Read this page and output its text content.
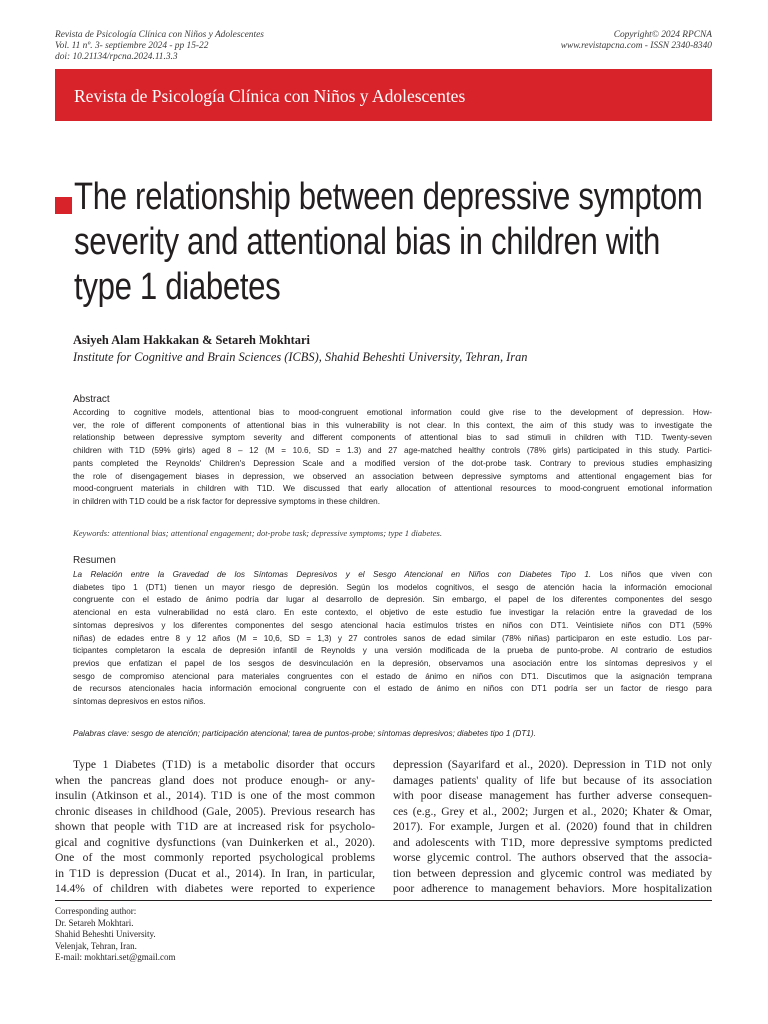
Revista de Psicología Clínica con Niños y Adolescentes
Vol. 11 nº. 3- septiembre 2024 - pp 15-22
doi: 10.21134/rpcna.2024.11.3.3
Copyright© 2024 RPCNA
www.revistapcna.com - ISSN 2340-8340
Revista de Psicología Clínica con Niños y Adolescentes
The relationship between depressive symptom
severity and attentional bias in children with
type 1 diabetes
Asiyeh Alam Hakkakan & Setareh Mokhtari
Institute for Cognitive and Brain Sciences (ICBS), Shahid Beheshti University, Tehran, Iran
Abstract
According to cognitive models, attentional bias to mood-congruent emotional information could give rise to the development of depression. How-
ver, the role of different components of attentional bias in this vulnerability is not clear. In this context, the aim of this study was to investigate the
relationship between depressive symptom severity and different components of attentional bias to sad stimuli in children with T1D. Twenty-seven
children with T1D (59% girls) aged 8 – 12 (M = 10.6, SD = 1.3) and 27 age-matched healthy controls (78% girls) participated in this study. Partici-
pants completed the Reynolds' Children's Depression Scale and a modified version of the dot-probe task. Contrary to previous studies emphasizing
the role of disengagement biases in depression, we observed an association between depressive symptoms and attentional engagement bias for
mood-congruent materials in children with T1D. We discussed that early allocation of attentional resources to mood-congruent emotional information
in children with T1D could be a risk factor for depressive symptoms in these children.
Keywords: attentional bias; attentional engagement; dot-probe task; depressive symptoms; type 1 diabetes.
Resumen
La Relación entre la Gravedad de los Síntomas Depresivos y el Sesgo Atencional en Niños con Diabetes Tipo 1. Los niños que viven con
diabetes tipo 1 (DT1) tienen un mayor riesgo de depresión. Según los modelos cognitivos, el sesgo de atención hacia la información emocional
congruente con el estado de ánimo podría dar lugar al desarrollo de depresión. Sin embargo, el papel de los diferentes componentes del sesgo
atencional en esta vulnerabilidad no está claro. En este contexto, el objetivo de este estudio fue investigar la relación entre la gravedad de los
síntomas depresivos y los diferentes componentes del sesgo atencional hacia estímulos tristes en niños con DT1. Veintisiete niños con DT1 (59%
niñas) de edades entre 8 y 12 años (M = 10,6, SD = 1,3) y 27 controles sanos de edad similar (78% niñas) participaron en este estudio. Los par-
ticipantes completaron la escala de depresión infantil de Reynolds y una versión modificada de la prueba de punto-probe. Al contrario de estudios
previos que enfatizan el papel de los sesgos de desvinculación en la depresión, observamos una asociación entre los síntomas depresivos y el
sesgo de compromiso atencional para materiales congruentes con el estado de ánimo en niños con DT1. Discutimos que la asignación temprana
de recursos atencionales hacia información emocional congruente con el estado de ánimo en niños con DT1 podría ser un factor de riesgo para
síntomas depresivos en estos niños.
Palabras clave: sesgo de atención; participación atencional; tarea de puntos-probe; síntomas depresivos; diabetes tipo 1 (DT1).
Type 1 Diabetes (T1D) is a metabolic disorder that occurs
when the pancreas gland does not produce enough- or any-
insulin (Atkinson et al., 2014). T1D is one of the most common
chronic diseases in childhood (Gale, 2005). Previous research has
shown that people with T1D are at increased risk for psycholo-
gical and cognitive dysfunctions (van Duinkerken et al., 2020).
One of the most commonly reported psychological problems
in T1D is depression (Ducat et al., 2014). In Iran, in particular,
14.4% of children with diabetes were reported to experience
depression (Sayarifard et al., 2020). Depression in T1D not only
damages patients' quality of life but because of its association
with poor disease management has further adverse consequen-
ces (e.g., Grey et al., 2002; Jurgen et al., 2020; Khater & Omar,
2017). For example, Jurgen et al. (2020) found that in children
and adolescents with T1D, more depressive symptoms predicted
worse glycemic control. The authors observed that the associa-
tion between depression and glycemic control was mediated by
poor adherence to management behaviors. More hospitalization
Corresponding author:
Dr. Setareh Mokhtari.
Shahid Beheshti University.
Velenjak, Tehran, Iran.
E-mail: mokhtari.set@gmail.com
